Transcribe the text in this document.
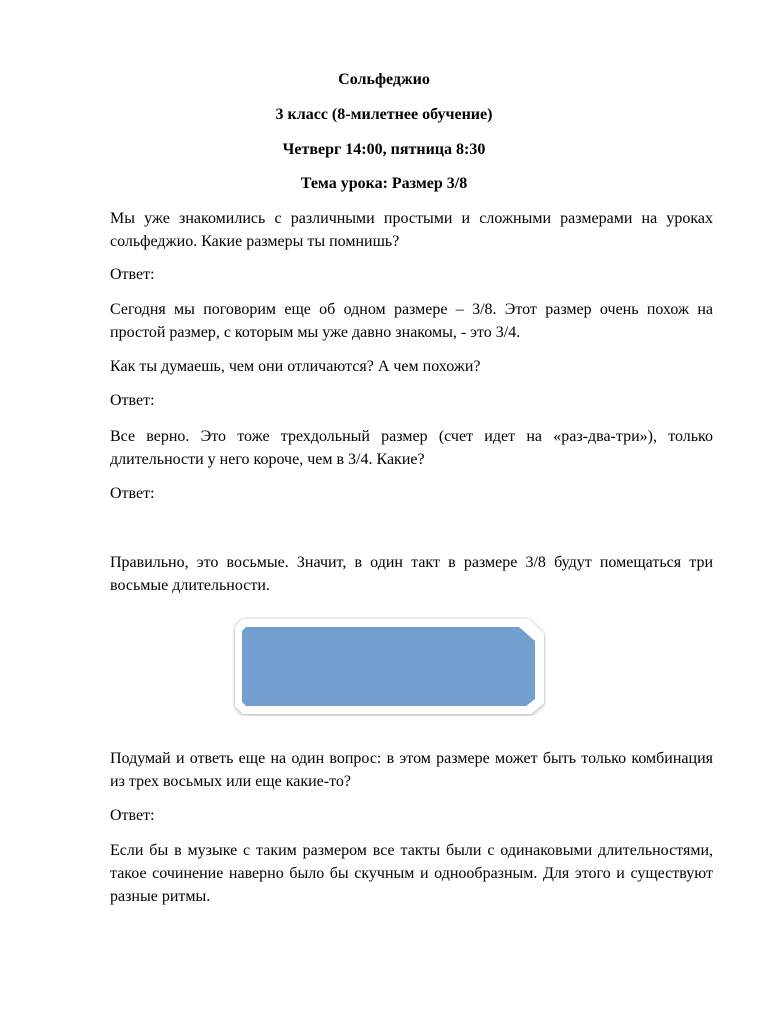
Сольфеджио
3 класс (8-милетнее обучение)
Четверг 14:00, пятница 8:30
Тема урока: Размер 3/8

Мы уже знакомились с различными простыми и сложными размерами на уроках сольфеджио. Какие размеры ты помнишь?

Ответ:

Сегодня мы поговорим еще об одном размере – 3/8. Этот размер очень похож на простой размер, с которым мы уже давно знакомы, - это 3/4.

Как ты думаешь, чем они отличаются? А чем похожи?

Ответ:

Все верно. Это тоже трехдольный размер (счет идет на «раз-два-три»), только длительности у него короче, чем в 3/4. Какие?

Ответ:

Правильно, это восьмые. Значит, в один такт в размере 3/8 будут помещаться три восьмые длительности.

Подумай и ответь еще на один вопрос: в этом размере может быть только комбинация из трех восьмых или еще какие-то?

Ответ:

Если бы в музыке с таким размером все такты были с одинаковыми длительностями, такое сочинение наверно было бы скучным и однообразным. Для этого и существуют разные ритмы.
